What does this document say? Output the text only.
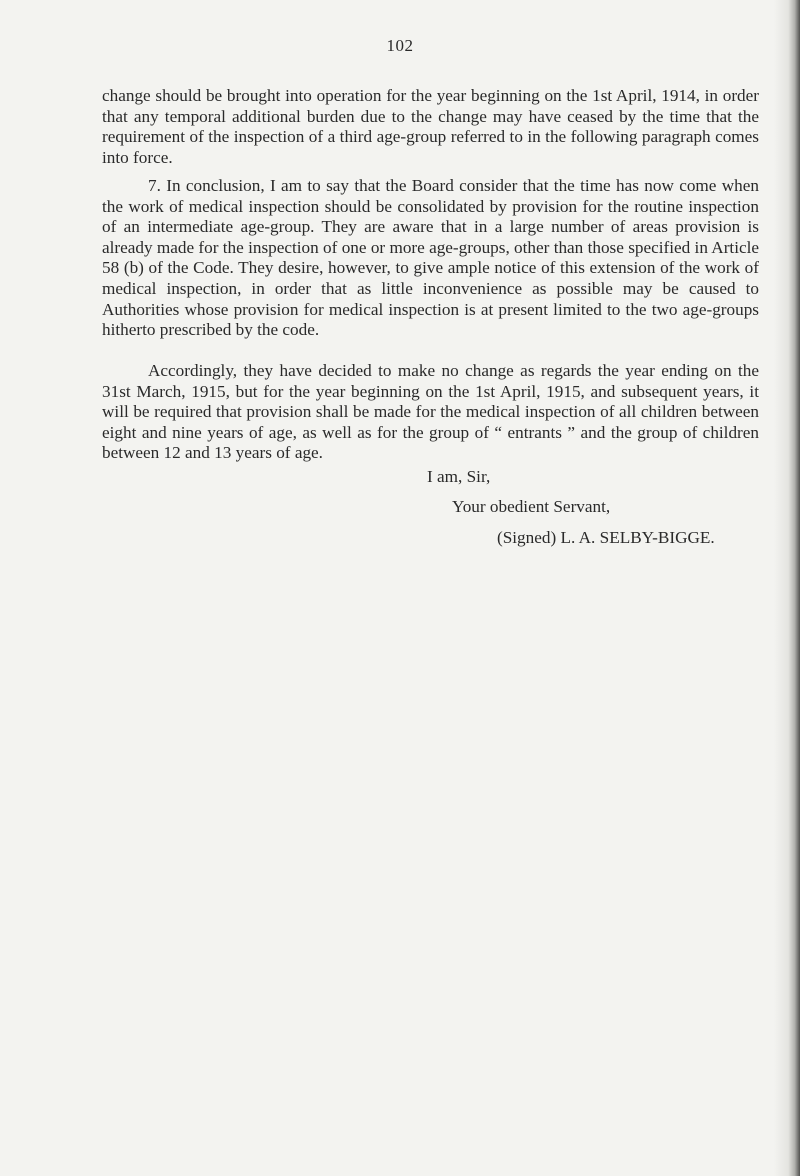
102

change should be brought into operation for the year beginning on the 1st April, 1914, in order that any temporal additional burden due to the change may have ceased by the time that the requirement of the inspection of a third age-group referred to in the following paragraph comes into force.

7. In conclusion, I am to say that the Board consider that the time has now come when the work of medical inspection should be consolidated by provision for the routine inspection of an intermediate age-group. They are aware that in a large number of areas provision is already made for the inspection of one or more age-groups, other than those specified in Article 58 (b) of the Code. They desire, however, to give ample notice of this extension of the work of medical inspection, in order that as little inconvenience as possible may be caused to Authorities whose provision for medical inspection is at present limited to the two age-groups hitherto prescribed by the code.

Accordingly, they have decided to make no change as regards the year ending on the 31st March, 1915, but for the year beginning on the 1st April, 1915, and subsequent years, it will be required that provision shall be made for the medical inspection of all children between eight and nine years of age, as well as for the group of “ entrants ” and the group of children between 12 and 13 years of age.

I am, Sir,
Your obedient Servant,
(Signed) L. A. SELBY-BIGGE.
